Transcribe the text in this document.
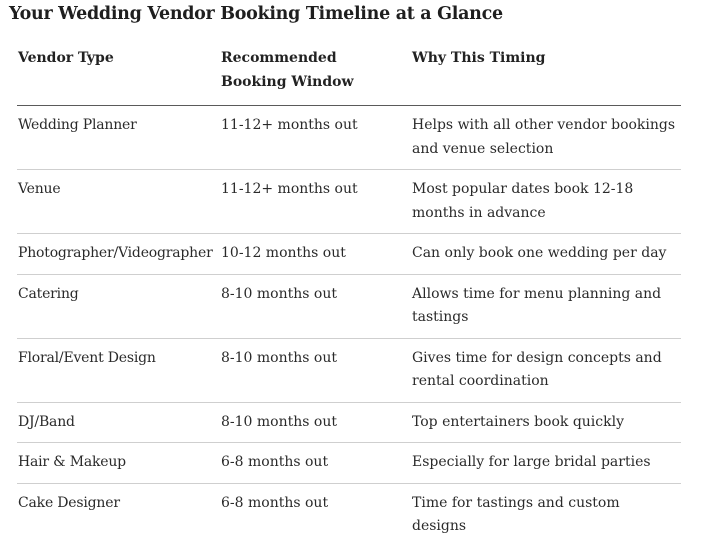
Your Wedding Vendor Booking Timeline at a Glance
Vendor Type	Recommended Booking Window	Why This Timing
Wedding Planner	11-12+ months out	Helps with all other vendor bookings and venue selection
Venue	11-12+ months out	Most popular dates book 12-18 months in advance
Photographer/Videographer	10-12 months out	Can only book one wedding per day
Catering	8-10 months out	Allows time for menu planning and tastings
Floral/Event Design	8-10 months out	Gives time for design concepts and rental coordination
DJ/Band	8-10 months out	Top entertainers book quickly
Hair & Makeup	6-8 months out	Especially for large bridal parties
Cake Designer	6-8 months out	Time for tastings and custom designs
